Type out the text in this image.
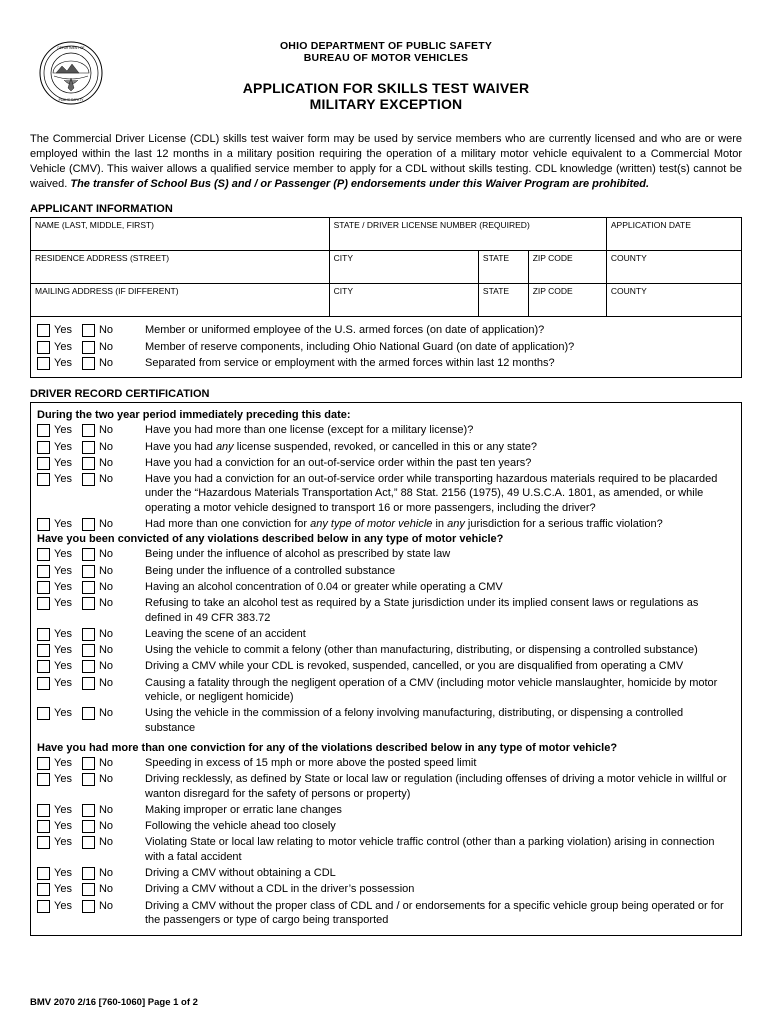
DEPARTMENT OF
PUBLIC SAFETY
OHIO DEPARTMENT OF PUBLIC SAFETY
BUREAU OF MOTOR VEHICLES
APPLICATION FOR SKILLS TEST WAIVER
MILITARY EXCEPTION
The Commercial Driver License (CDL) skills test waiver form may be used by service members who are currently licensed and who are or were employed within the last 12 months in a military position requiring the operation of a military motor vehicle equivalent to a Commercial Motor Vehicle (CMV). This waiver allows a qualified service member to apply for a CDL without skills testing. CDL knowledge (written) test(s) cannot be waived. The transfer of School Bus (S) and / or Passenger (P) endorsements under this Waiver Program are prohibited.
APPLICANT INFORMATION
NAME (LAST, MIDDLE, FIRST)	STATE / DRIVER LICENSE NUMBER (REQUIRED)			APPLICATION DATE
RESIDENCE ADDRESS (STREET)	CITY	STATE	ZIP CODE	COUNTY
MAILING ADDRESS (IF DIFFERENT)	CITY	STATE	ZIP CODE	COUNTY
Yes No	Member or uniformed employee of the U.S. armed forces (on date of application)?
Yes No	Member of reserve components, including Ohio National Guard (on date of application)?
Yes No	Separated from service or employment with the armed forces within last 12 months?
DRIVER RECORD CERTIFICATION
During the two year period immediately preceding this date:
Yes No	Have you had more than one license (except for a military license)?
Yes No	Have you had any license suspended, revoked, or cancelled in this or any state?
Yes No	Have you had a conviction for an out-of-service order within the past ten years?
Yes No	Have you had a conviction for an out-of-service order while transporting hazardous materials required to be placarded under the “Hazardous Materials Transportation Act,” 88 Stat. 2156 (1975), 49 U.S.C.A. 1801, as amended, or while operating a motor vehicle designed to transport 16 or more passengers, including the driver?
Yes No	Had more than one conviction for any type of motor vehicle in any jurisdiction for a serious traffic violation?
Have you been convicted of any violations described below in any type of motor vehicle?
Yes No	Being under the influence of alcohol as prescribed by state law
Yes No	Being under the influence of a controlled substance
Yes No	Having an alcohol concentration of 0.04 or greater while operating a CMV
Yes No	Refusing to take an alcohol test as required by a State jurisdiction under its implied consent laws or regulations as defined in 49 CFR 383.72
Yes No	Leaving the scene of an accident
Yes No	Using the vehicle to commit a felony (other than manufacturing, distributing, or dispensing a controlled substance)
Yes No	Driving a CMV while your CDL is revoked, suspended, cancelled, or you are disqualified from operating a CMV
Yes No	Causing a fatality through the negligent operation of a CMV (including motor vehicle manslaughter, homicide by motor vehicle, or negligent homicide)
Yes No	Using the vehicle in the commission of a felony involving manufacturing, distributing, or dispensing a controlled substance
Have you had more than one conviction for any of the violations described below in any type of motor vehicle?
Yes No	Speeding in excess of 15 mph or more above the posted speed limit
Yes No	Driving recklessly, as defined by State or local law or regulation (including offenses of driving a motor vehicle in willful or wanton disregard for the safety of persons or property)
Yes No	Making improper or erratic lane changes
Yes No	Following the vehicle ahead too closely
Yes No	Violating State or local law relating to motor vehicle traffic control (other than a parking violation) arising in connection with a fatal accident
Yes No	Driving a CMV without obtaining a CDL
Yes No	Driving a CMV without a CDL in the driver’s possession
Yes No	Driving a CMV without the proper class of CDL and / or endorsements for a specific vehicle group being operated or for the passengers or type of cargo being transported
BMV 2070 2/16 [760-1060] Page 1 of 2
